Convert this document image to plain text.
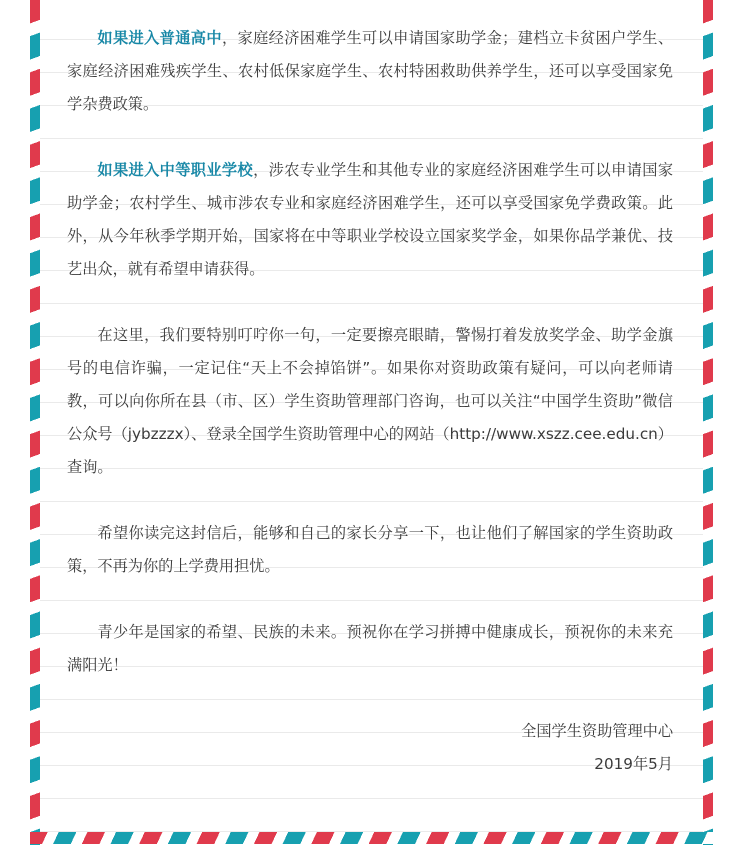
如果进入普通高中，家庭经济困难学生可以申请国家助学金；建档立卡贫困户学生、家庭经济困难残疾学生、农村低保家庭学生、农村特困救助供养学生，还可以享受国家免学杂费政策。

如果进入中等职业学校，涉农专业学生和其他专业的家庭经济困难学生可以申请国家助学金；农村学生、城市涉农专业和家庭经济困难学生，还可以享受国家免学费政策。此外，从今年秋季学期开始，国家将在中等职业学校设立国家奖学金，如果你品学兼优、技艺出众，就有希望申请获得。

在这里，我们要特别叮咛你一句，一定要擦亮眼睛，警惕打着发放奖学金、助学金旗号的电信诈骗，一定记住“天上不会掉馅饼”。如果你对资助政策有疑问，可以向老师请教，可以向你所在县（市、区）学生资助管理部门咨询，也可以关注“中国学生资助”微信公众号（jybzzzx）、登录全国学生资助管理中心的网站（http://www.xszz.cee.edu.cn）查询。

希望你读完这封信后，能够和自己的家长分享一下，也让他们了解国家的学生资助政策，不再为你的上学费用担忧。

青少年是国家的希望、民族的未来。预祝你在学习拼搏中健康成长，预祝你的未来充满阳光！

全国学生资助管理中心

2019年5月
